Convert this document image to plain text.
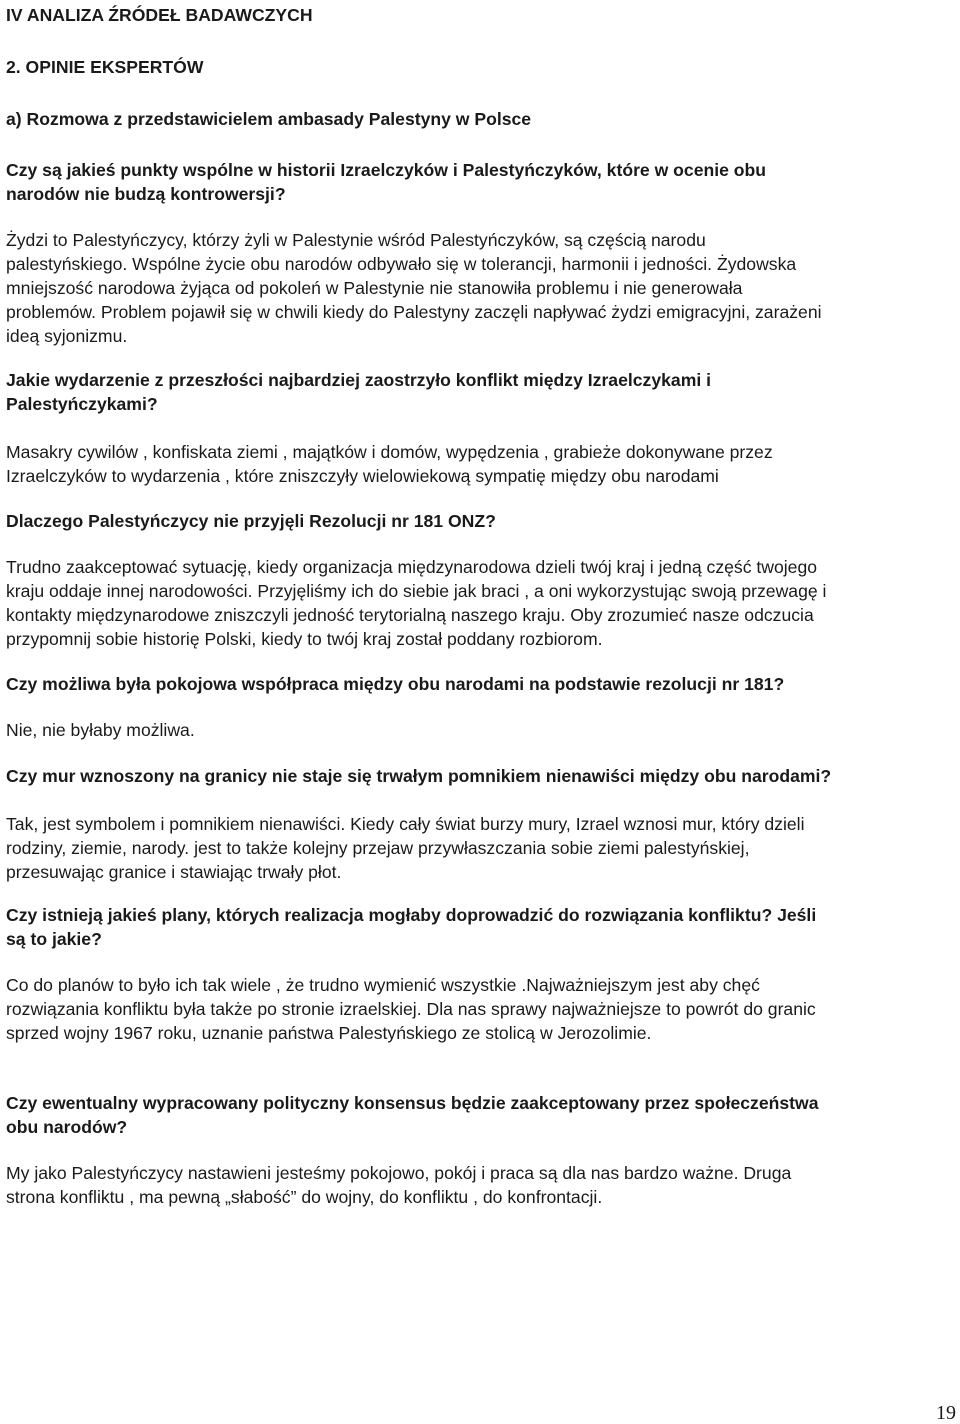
IV ANALIZA ŹRÓDEŁ BADAWCZYCH

2. OPINIE EKSPERTÓW

a) Rozmowa z przedstawicielem ambasady Palestyny w Polsce

Czy są jakieś punkty wspólne w historii Izraelczyków i Palestyńczyków, które w ocenie obu

narodów nie budzą kontrowersji?

Żydzi to Palestyńczycy, którzy żyli w Palestynie wśród Palestyńczyków, są częścią narodu

palestyńskiego. Wspólne życie obu narodów odbywało się w tolerancji, harmonii i jedności. Żydowska

mniejszość narodowa żyjąca od pokoleń w Palestynie nie stanowiła problemu i nie generowała

problemów. Problem pojawił się w chwili kiedy do Palestyny zaczęli napływać żydzi emigracyjni, zarażeni

ideą syjonizmu.

Jakie wydarzenie z przeszłości najbardziej zaostrzyło konflikt między Izraelczykami i

Palestyńczykami?

Masakry cywilów , konfiskata ziemi , majątków i domów, wypędzenia , grabieże dokonywane przez

Izraelczyków to wydarzenia , które zniszczyły wielowiekową sympatię między obu narodami

Dlaczego Palestyńczycy nie przyjęli Rezolucji nr 181 ONZ?

Trudno zaakceptować sytuację, kiedy organizacja międzynarodowa dzieli twój kraj i jedną część twojego

kraju oddaje innej narodowości. Przyjęliśmy ich do siebie jak braci , a oni wykorzystując swoją przewagę i

kontakty międzynarodowe zniszczyli jedność terytorialną naszego kraju. Oby zrozumieć nasze odczucia

przypomnij sobie historię Polski, kiedy to twój kraj został poddany rozbiorom.

Czy możliwa była pokojowa współpraca między obu narodami na podstawie rezolucji nr 181?

Nie, nie byłaby możliwa.

Czy mur wznoszony na granicy nie staje się trwałym pomnikiem nienawiści między obu narodami?

Tak, jest symbolem i pomnikiem nienawiści. Kiedy cały świat burzy mury, Izrael wznosi mur, który dzieli

rodziny, ziemie, narody. jest to także kolejny przejaw przywłaszczania sobie ziemi palestyńskiej,

przesuwając granice i stawiając trwały płot.

Czy istnieją jakieś plany, których realizacja mogłaby doprowadzić do rozwiązania konfliktu? Jeśli

są to jakie?

Co do planów to było ich tak wiele , że trudno wymienić wszystkie .Najważniejszym jest aby chęć

rozwiązania konfliktu była także po stronie izraelskiej. Dla nas sprawy najważniejsze to powrót do granic

sprzed wojny 1967 roku, uznanie państwa Palestyńskiego ze stolicą w Jerozolimie.

Czy ewentualny wypracowany polityczny konsensus będzie zaakceptowany przez społeczeństwa

obu narodów?

My jako Palestyńczycy nastawieni jesteśmy pokojowo, pokój i praca są dla nas bardzo ważne. Druga

strona konfliktu , ma pewną „słabość” do wojny, do konfliktu , do konfrontacji.

19
